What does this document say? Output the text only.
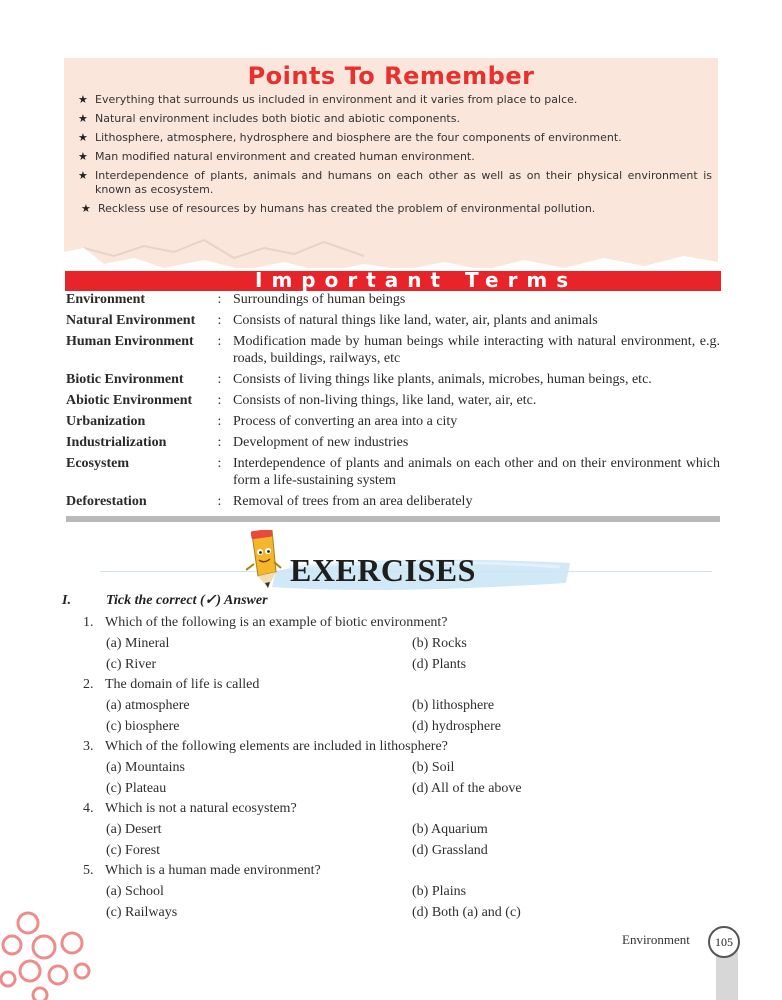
Points To Remember
★ Everything that surrounds us included in environment and it varies from place to palce.
★ Natural environment includes both biotic and abiotic components.
★ Lithosphere, atmosphere, hydrosphere and biosphere are the four components of environment.
★ Man modified natural environment and created human environment.
★ Interdependence of plants, animals and humans on each other as well as on their physical environment is known as ecosystem.
★ Reckless use of resources by humans has created the problem of environmental pollution.
Important Terms
Environment	: Surroundings of human beings
Natural Environment	: Consists of natural things like land, water, air, plants and animals
Human Environment	: Modification made by human beings while interacting with natural environment, e.g. roads, buildings, railways, etc
Biotic Environment	: Consists of living things like plants, animals, microbes, human beings, etc.
Abiotic Environment	: Consists of non-living things, like land, water, air, etc.
Urbanization	: Process of converting an area into a city
Industrialization	: Development of new industries
Ecosystem	: Interdependence of plants and animals on each other and on their environment which form a life-sustaining system
Deforestation	: Removal of trees from an area deliberately
EXERCISES
I.	Tick the correct (✓) Answer
1. Which of the following is an example of biotic environment?
(a) Mineral	(b) Rocks
(c) River	(d) Plants
2. The domain of life is called
(a) atmosphere	(b) lithosphere
(c) biosphere	(d) hydrosphere
3. Which of the following elements are included in lithosphere?
(a) Mountains	(b) Soil
(c) Plateau	(d) All of the above
4. Which is not a natural ecosystem?
(a) Desert	(b) Aquarium
(c) Forest	(d) Grassland
5. Which is a human made environment?
(a) School	(b) Plains
(c) Railways	(d) Both (a) and (c)
Environment	105
